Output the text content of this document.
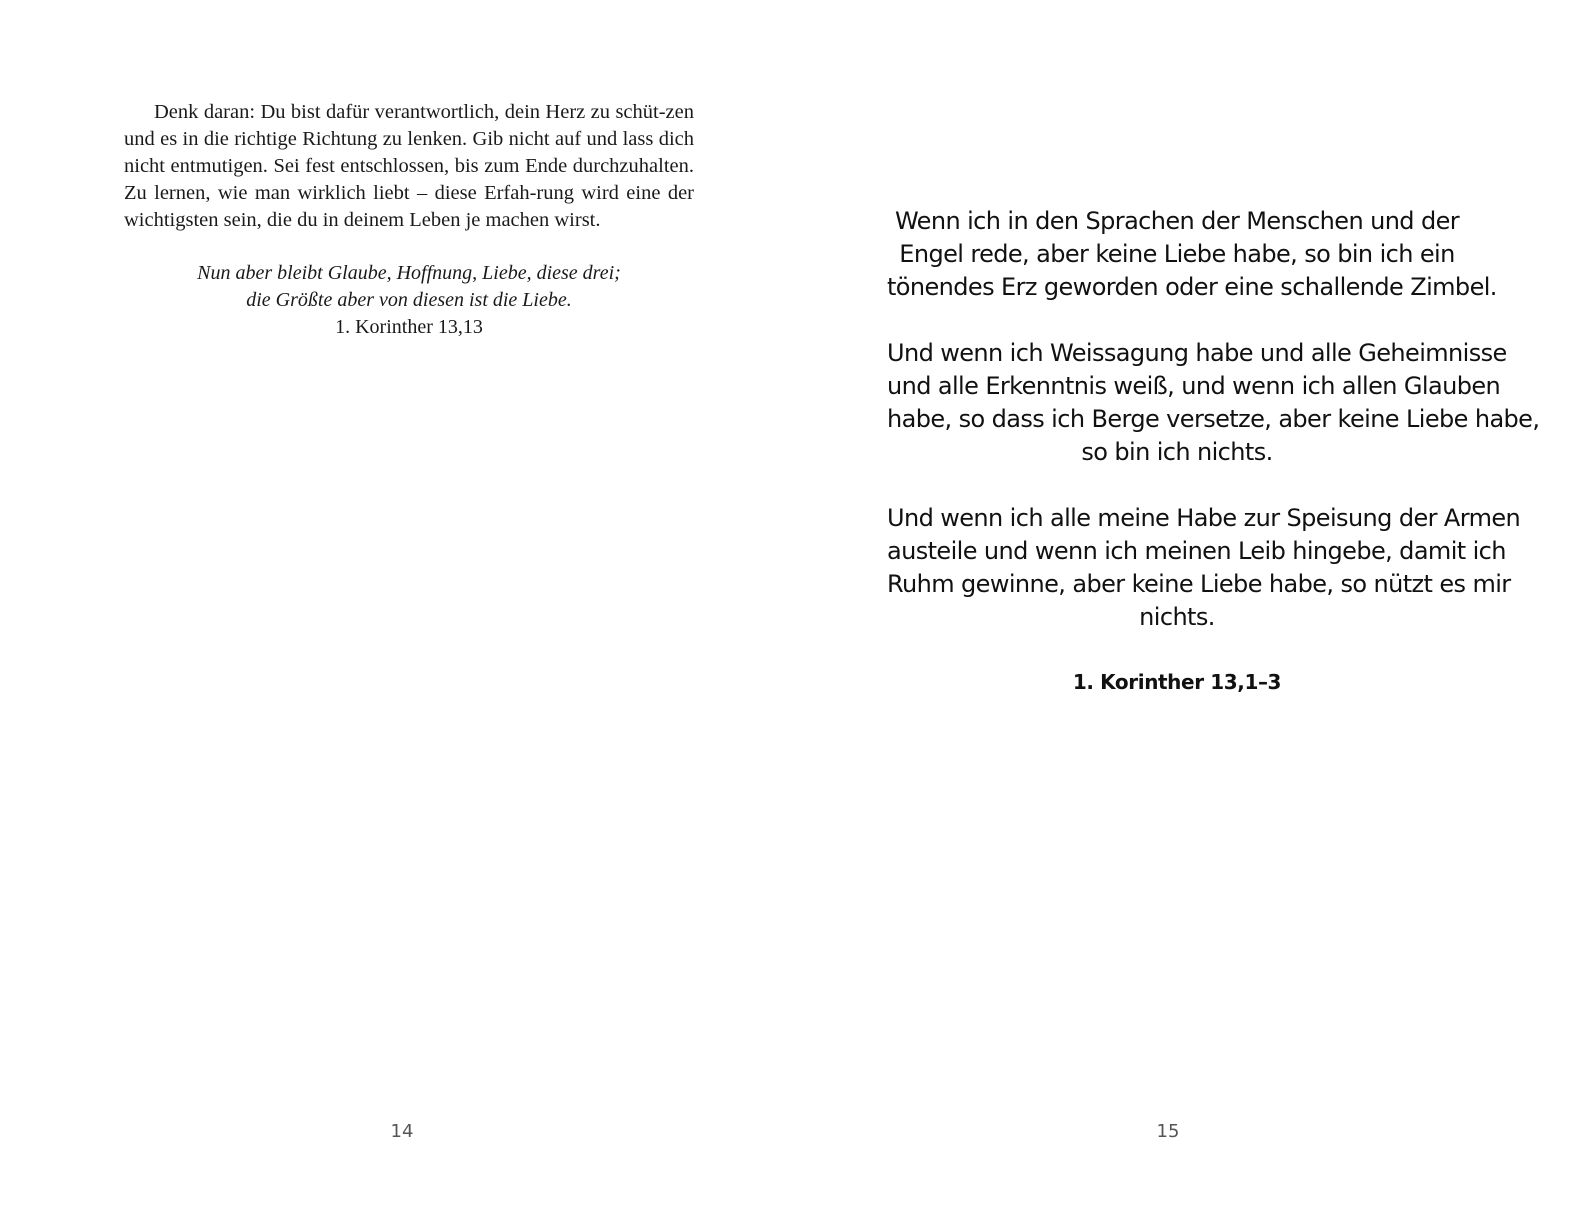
Denk daran: Du bist dafür verantwortlich, dein Herz zu schüt-zen und es in die richtige Richtung zu lenken. Gib nicht auf und lass dich nicht entmutigen. Sei fest entschlossen, bis zum Ende durchzuhalten. Zu lernen, wie man wirklich liebt – diese Erfah-rung wird eine der wichtigsten sein, die du in deinem Leben je machen wirst.

Nun aber bleibt Glaube, Hoffnung, Liebe, diese drei;
die Größte aber von diesen ist die Liebe.
1. Korinther 13,13
14
Wenn ich in den Sprachen der Menschen und der
Engel rede, aber keine Liebe habe, so bin ich ein
tönendes Erz geworden oder eine schallende Zimbel.
Und wenn ich Weissagung habe und alle Geheimnisse
und alle Erkenntnis weiß, und wenn ich allen Glauben
habe, so dass ich Berge versetze, aber keine Liebe habe,
so bin ich nichts.
Und wenn ich alle meine Habe zur Speisung der Armen
austeile und wenn ich meinen Leib hingebe, damit ich
Ruhm gewinne, aber keine Liebe habe, so nützt es mir
nichts.
1. Korinther 13,1–3
15
